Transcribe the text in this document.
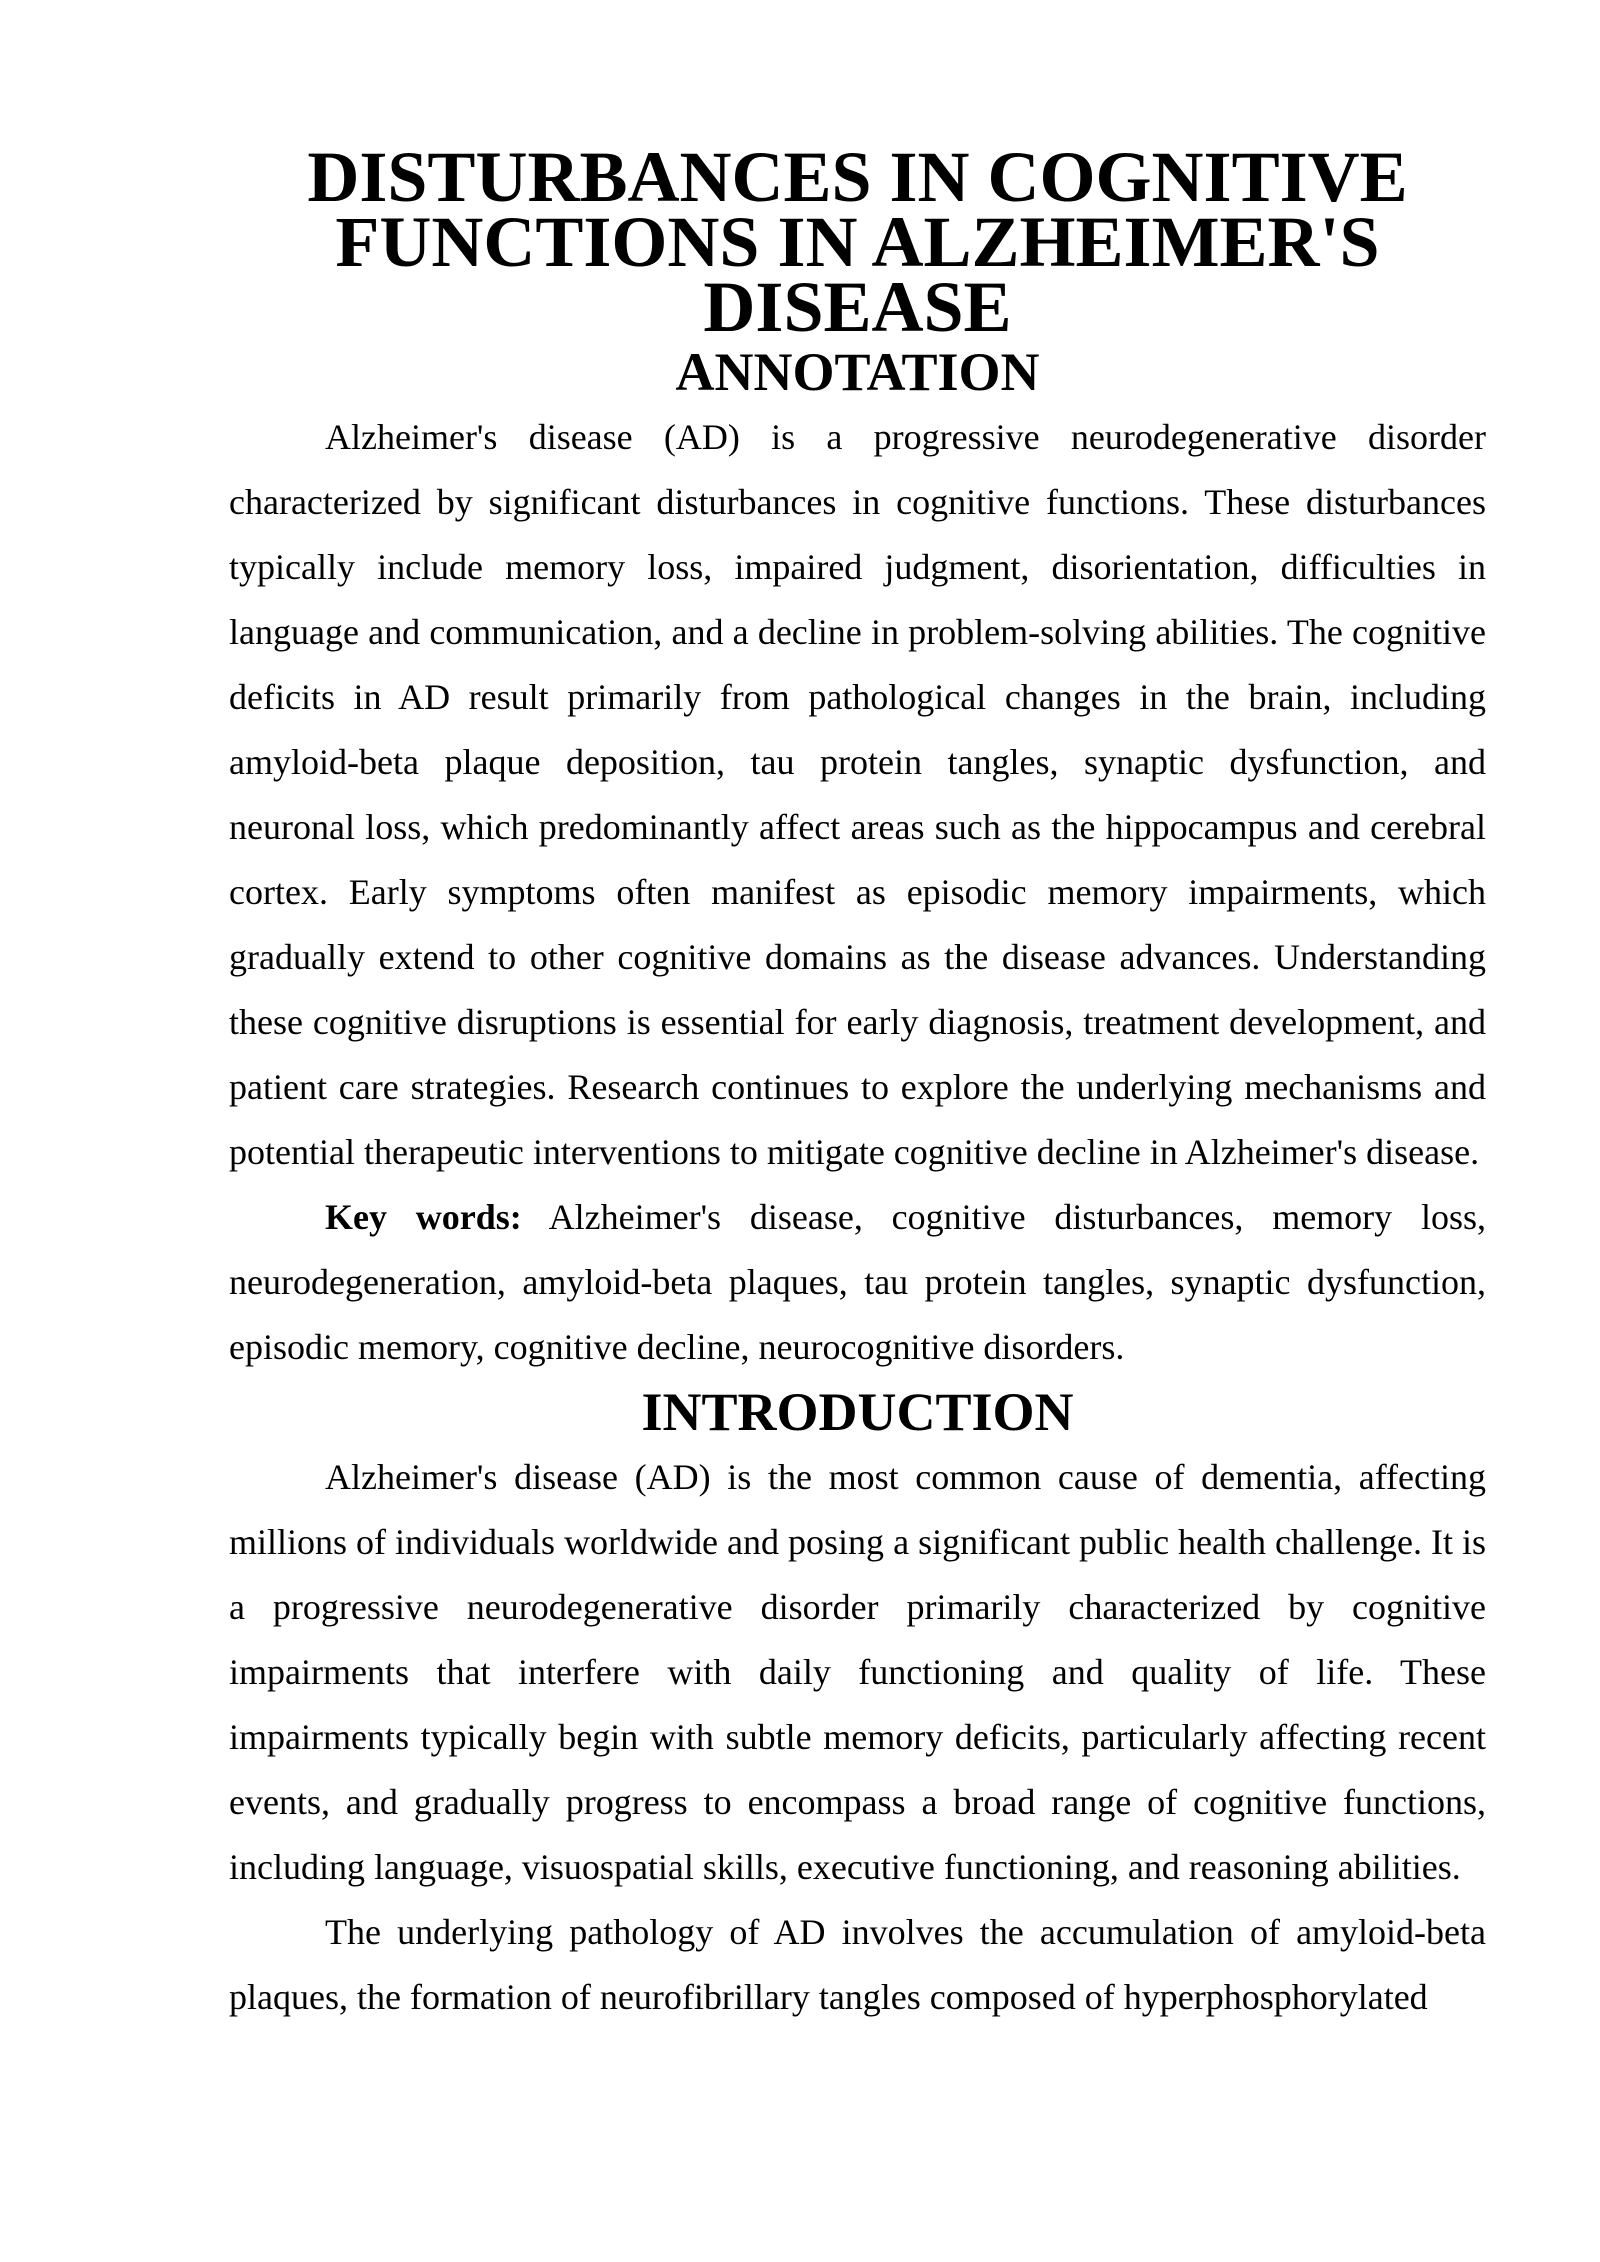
DISTURBANCES IN COGNITIVE FUNCTIONS IN ALZHEIMER'S DISEASE
ANNOTATION

Alzheimer's disease (AD) is a progressive neurodegenerative disorder characterized by significant disturbances in cognitive functions. These disturbances typically include memory loss, impaired judgment, disorientation, difficulties in language and communication, and a decline in problem-solving abilities. The cognitive deficits in AD result primarily from pathological changes in the brain, including amyloid-beta plaque deposition, tau protein tangles, synaptic dysfunction, and neuronal loss, which predominantly affect areas such as the hippocampus and cerebral cortex. Early symptoms often manifest as episodic memory impairments, which gradually extend to other cognitive domains as the disease advances. Understanding these cognitive disruptions is essential for early diagnosis, treatment development, and patient care strategies. Research continues to explore the underlying mechanisms and potential therapeutic interventions to mitigate cognitive decline in Alzheimer's disease.

Key words: Alzheimer's disease, cognitive disturbances, memory loss, neurodegeneration, amyloid-beta plaques, tau protein tangles, synaptic dysfunction, episodic memory, cognitive decline, neurocognitive disorders.

INTRODUCTION

Alzheimer's disease (AD) is the most common cause of dementia, affecting millions of individuals worldwide and posing a significant public health challenge. It is a progressive neurodegenerative disorder primarily characterized by cognitive impairments that interfere with daily functioning and quality of life. These impairments typically begin with subtle memory deficits, particularly affecting recent events, and gradually progress to encompass a broad range of cognitive functions, including language, visuospatial skills, executive functioning, and reasoning abilities.

The underlying pathology of AD involves the accumulation of amyloid-beta plaques, the formation of neurofibrillary tangles composed of hyperphosphorylated
